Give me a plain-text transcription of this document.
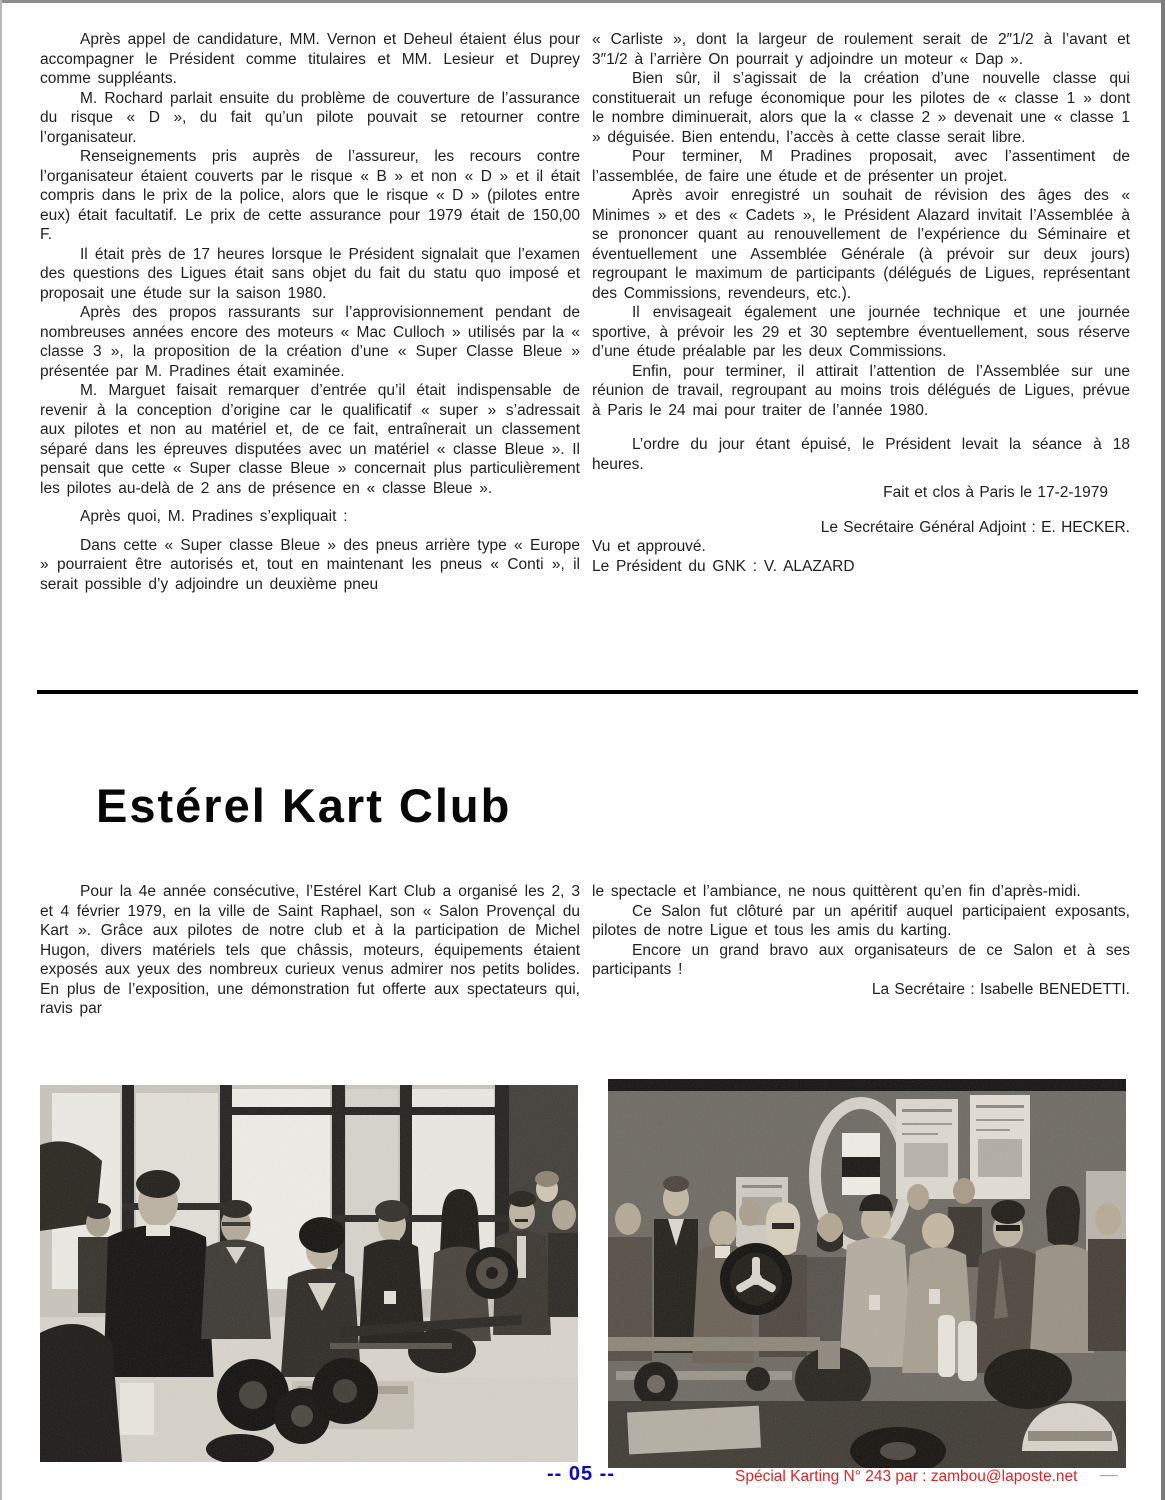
Après appel de candidature, MM. Vernon et Deheul étaient élus pour accompagner le Président comme titulaires et MM. Lesieur et Duprey comme suppléants.

M. Rochard parlait ensuite du problème de couverture de l’assurance du risque « D », du fait qu’un pilote pouvait se retourner contre l’organisateur.

Renseignements pris auprès de l’assureur, les recours contre l’organisateur étaient couverts par le risque « B » et non « D » et il était compris dans le prix de la police, alors que le risque « D » (pilotes entre eux) était facultatif. Le prix de cette assurance pour 1979 était de 150,00 F.

Il était près de 17 heures lorsque le Président signalait que l’examen des questions des Ligues était sans objet du fait du statu quo imposé et proposait une étude sur la saison 1980.

Après des propos rassurants sur l’approvisionnement pendant de nombreuses années encore des moteurs « Mac Culloch » utilisés par la « classe 3 », la proposition de la création d’une « Super Classe Bleue » présentée par M. Pradines était examinée.

M. Marguet faisait remarquer d’entrée qu’il était indispensable de revenir à la conception d’origine car le qualificatif « super » s’adressait aux pilotes et non au matériel et, de ce fait, entraînerait un classement séparé dans les épreuves disputées avec un matériel « classe Bleue ». Il pensait que cette « Super classe Bleue » concernait plus particulièrement les pilotes au-delà de 2 ans de présence en « classe Bleue ».

Après quoi, M. Pradines s’expliquait :

Dans cette « Super classe Bleue » des pneus arrière type « Europe » pourraient être autorisés et, tout en maintenant les pneus « Conti », il serait possible d’y adjoindre un deuxième pneu

« Carliste », dont la largeur de roulement serait de 2″1/2 à l’avant et 3″1/2 à l’arrière On pourrait y adjoindre un moteur « Dap ».

Bien sûr, il s’agissait de la création d’une nouvelle classe qui constituerait un refuge économique pour les pilotes de « classe 1 » dont le nombre diminuerait, alors que la « classe 2 » devenait une « classe 1 » déguisée. Bien entendu, l’accès à cette classe serait libre.

Pour terminer, M Pradines proposait, avec l’assentiment de l’assemblée, de faire une étude et de présenter un projet.

Après avoir enregistré un souhait de révision des âges des « Minimes » et des « Cadets », le Président Alazard invitait l’Assemblée à se prononcer quant au renouvellement de l’expérience du Séminaire et éventuellement une Assemblée Générale (à prévoir sur deux jours) regroupant le maximum de participants (délégués de Ligues, représentant des Commissions, revendeurs, etc.).

Il envisageait également une journée technique et une journée sportive, à prévoir les 29 et 30 septembre éventuellement, sous réserve d’une étude préalable par les deux Commissions.

Enfin, pour terminer, il attirait l’attention de l’Assemblée sur une réunion de travail, regroupant au moins trois délégués de Ligues, prévue à Paris le 24 mai pour traiter de l’année 1980.

L’ordre du jour étant épuisé, le Président levait la séance à 18 heures.

Fait et clos à Paris le 17-2-1979

Le Secrétaire Général Adjoint : E. HECKER.

Vu et approuvé.

Le Président du GNK : V. ALAZARD

Estérel Kart Club

Pour la 4e année consécutive, l’Estérel Kart Club a organisé les 2, 3 et 4 février 1979, en la ville de Saint Raphael, son « Salon Provençal du Kart ». Grâce aux pilotes de notre club et à la participation de Michel Hugon, divers matériels tels que châssis, moteurs, équipements étaient exposés aux yeux des nombreux curieux venus admirer nos petits bolides. En plus de l’exposition, une démonstration fut offerte aux spectateurs qui, ravis par

le spectacle et l’ambiance, ne nous quittèrent qu’en fin d’après-midi.

Ce Salon fut clôturé par un apéritif auquel participaient exposants, pilotes de notre Ligue et tous les amis du karting.

Encore un grand bravo aux organisateurs de ce Salon et à ses participants !

La Secrétaire : Isabelle BENEDETTI.

-- 05 --	Spécial Karting N° 243 par : zambou@laposte.net __
